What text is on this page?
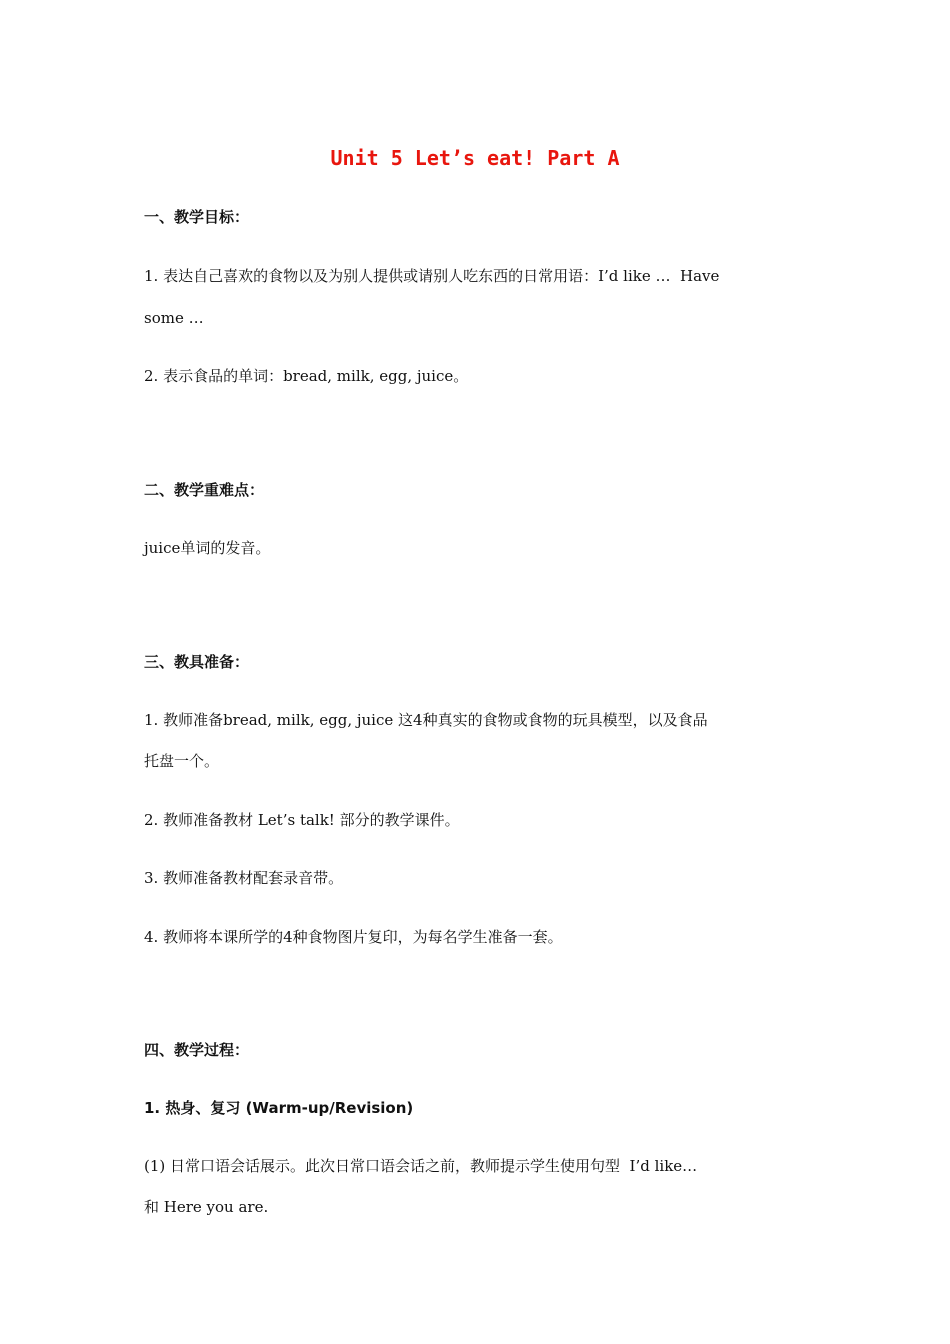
Unit 5 Let’s eat! Part A
一、教学目标：
1. 表达自己喜欢的食物以及为别人提供或请别人吃东西的日常用语：I’d like …  Have
some …
2. 表示食品的单词：bread, milk, egg, juice。
二、教学重难点：
juice单词的发音。
三、教具准备：
1. 教师准备bread, milk, egg, juice 这4种真实的食物或食物的玩具模型，以及食品
托盘一个。
2. 教师准备教材 Let’s talk! 部分的教学课件。
3. 教师准备教材配套录音带。
4. 教师将本课所学的4种食物图片复印，为每名学生准备一套。
四、教学过程：
1. 热身、复习 (Warm-up/Revision)
(1) 日常口语会话展示。此次日常口语会话之前，教师提示学生使用句型  I’d like…
和 Here you are.
